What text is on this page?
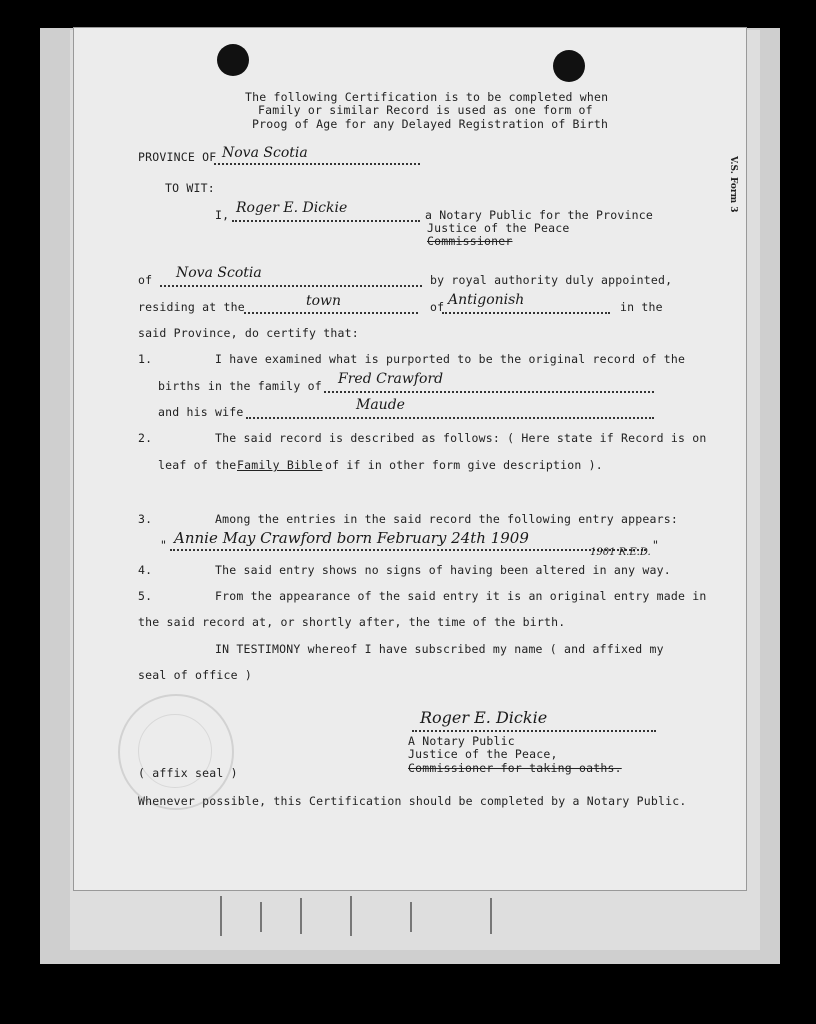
V.S. Form 3
The following Certification is to be completed when
Family or similar Record is used as one form of
Proog of Age for any Delayed Registration of Birth
PROVINCE OF Nova Scotia
TO WIT:
I, Roger E. Dickie	a Notary Public for the Province
Justice of the Peace
Commissioner
of Nova Scotia	by royal authority duly appointed,
residing at the	town	of Antigonish	in the
said Province, do certify that:
1.	I have examined what is purported to be the original record of the
births in the family of Fred Crawford
and his wife	Maude
2.	The said record is described as follows: ( Here state if Record is on
leaf of the Family Bible of if in other form give description ).
3.	Among the entries in the said record the following entry appears:
" Annie May Crawford born February 24th 1909	"
1901 R.E.D.
4.	The said entry shows no signs of having been altered in any way.
5.	From the appearance of the said entry it is an original entry made in
the said record at, or shortly after, the time of the birth.
IN TESTIMONY whereof I have subscribed my name ( and affixed my
seal of office )
Roger E. Dickie
A Notary Public
Justice of the Peace,
Commissioner for taking oaths.
( affix seal )
Whenever possible, this Certification should be completed by a Notary Public.
